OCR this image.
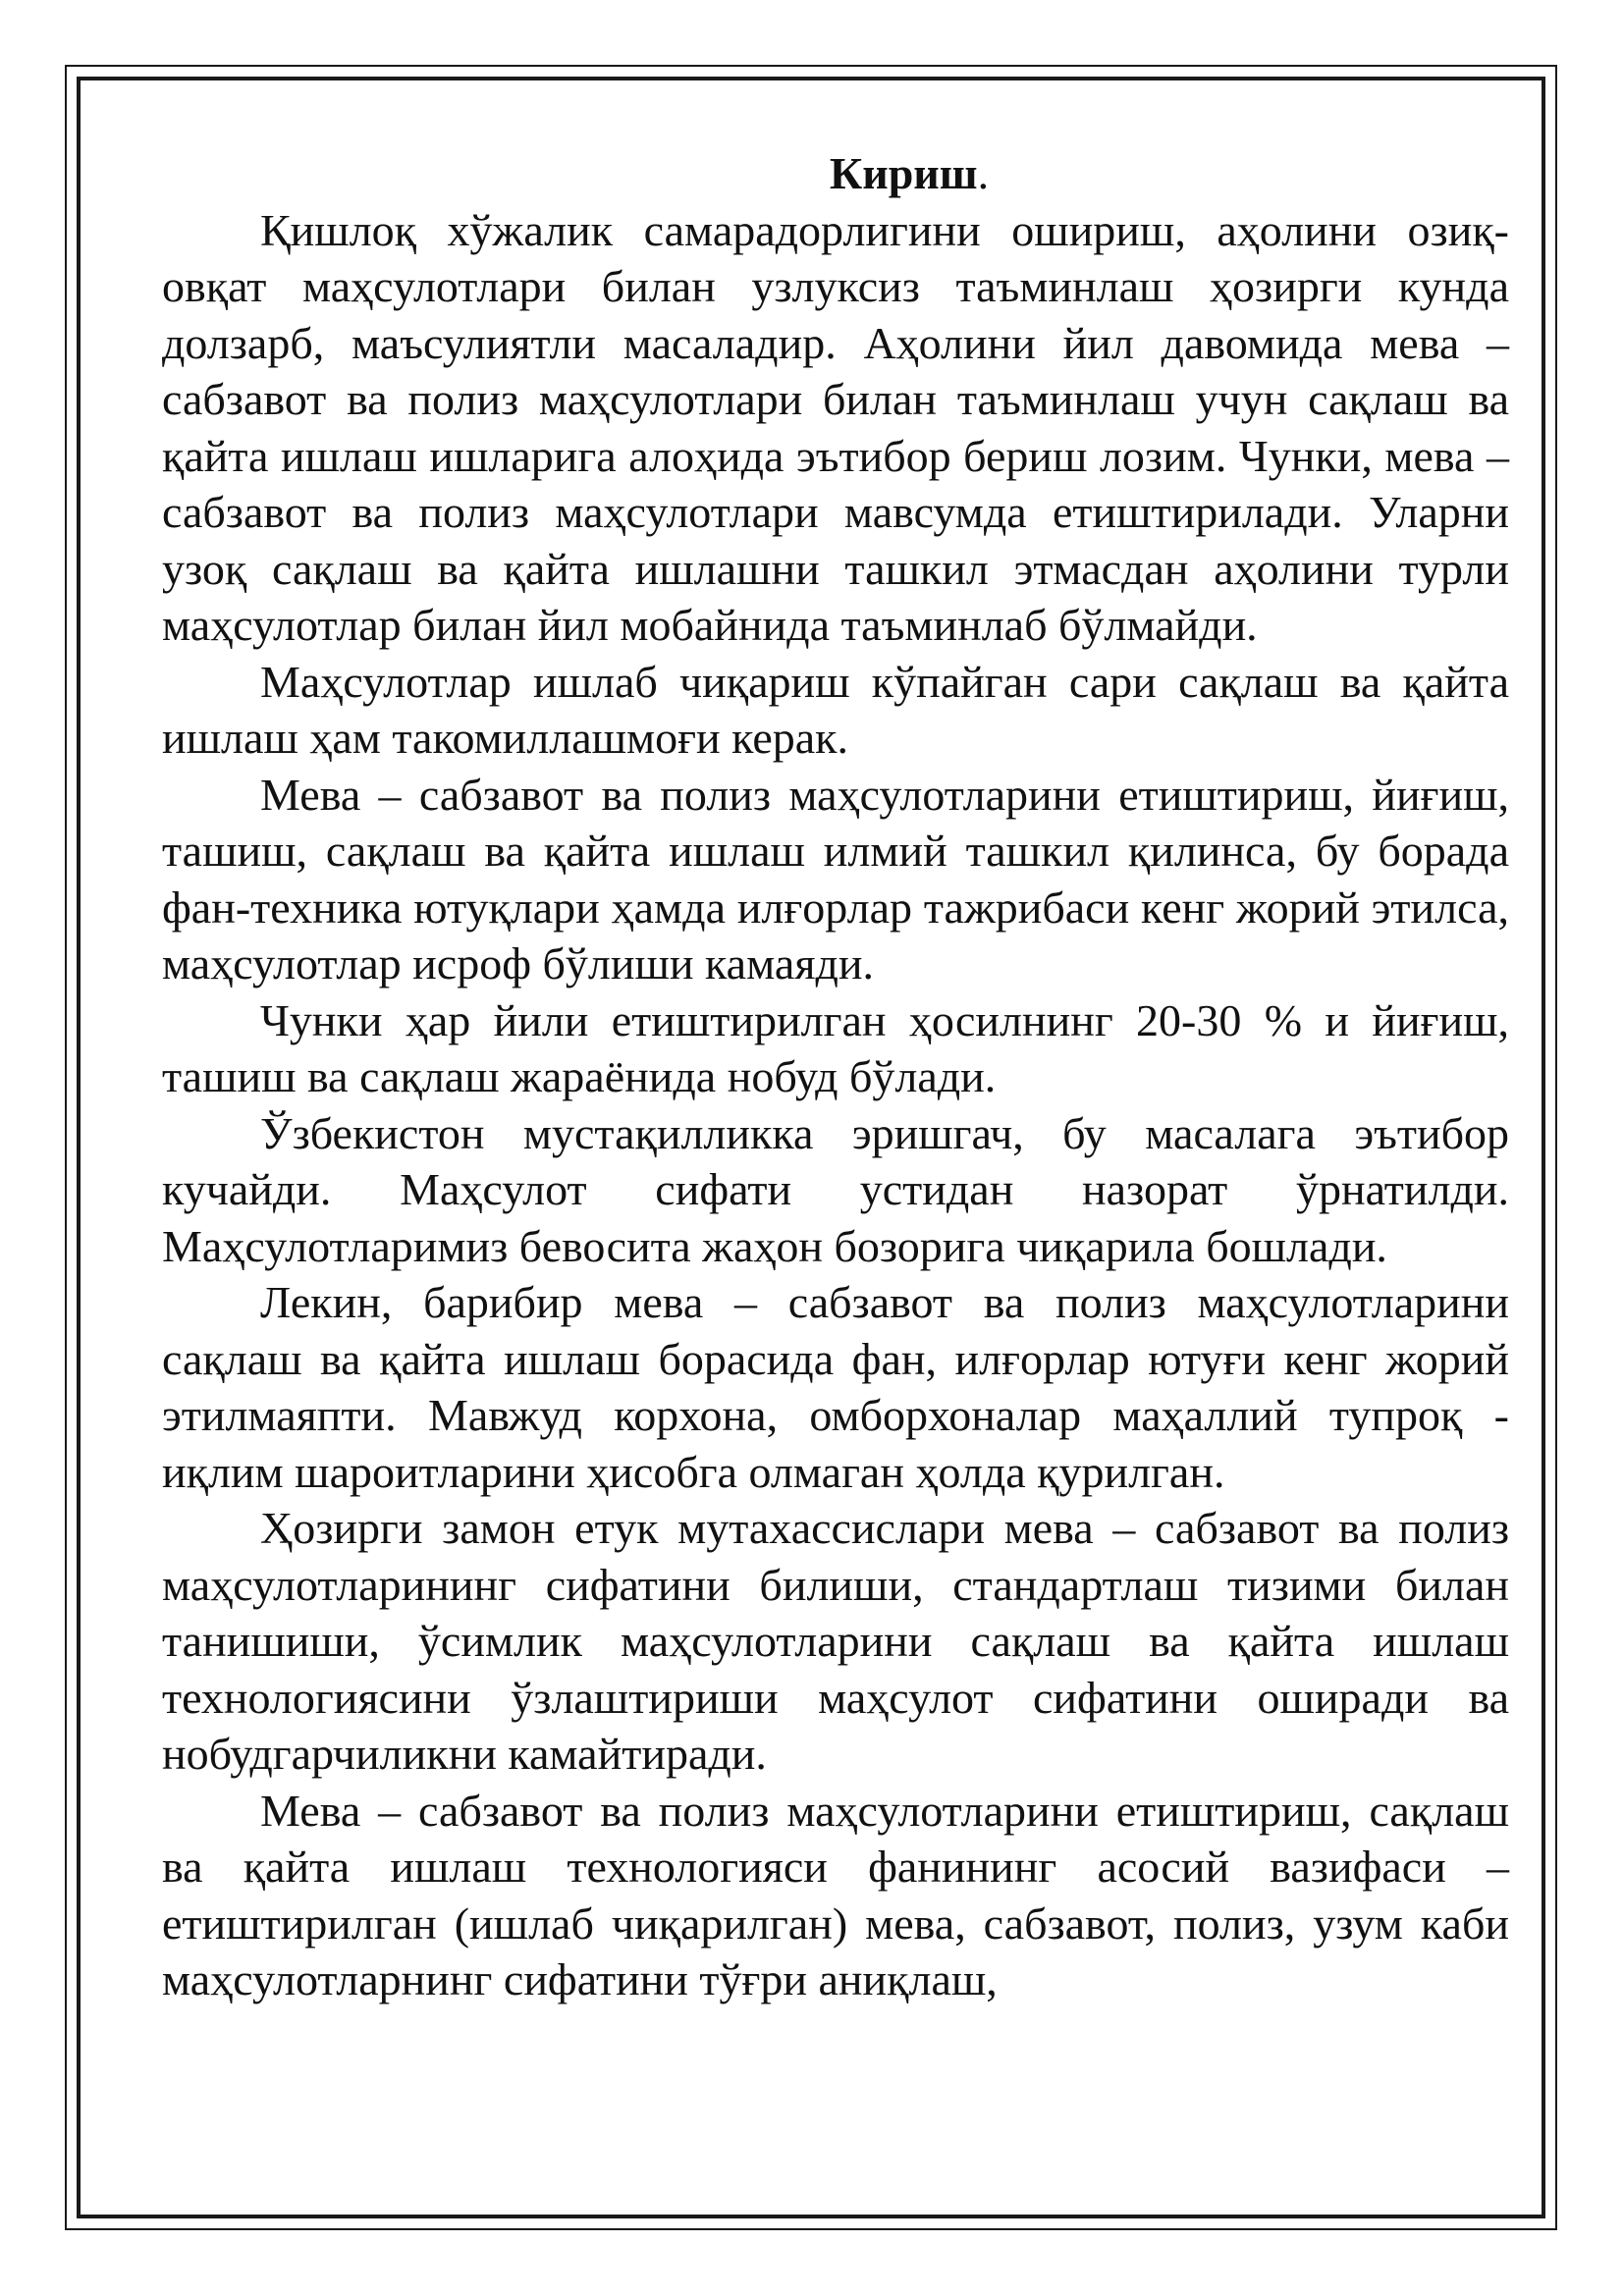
Кириш.

Қишлоқ хўжалик самарадорлигини ошириш, аҳолини озиқ-овқат маҳсулотлари билан узлуксиз таъминлаш ҳозирги кунда долзарб, маъсулиятли масаладир. Аҳолини йил давомида мева – сабзавот ва полиз маҳсулотлари билан таъминлаш учун сақлаш ва қайта ишлаш ишларига алоҳида эътибор бериш лозим. Чунки, мева – сабзавот ва полиз маҳсулотлари мавсумда етиштирилади. Уларни узоқ сақлаш ва қайта ишлашни ташкил этмасдан аҳолини турли маҳсулотлар билан йил мобайнида таъминлаб бўлмайди.

Маҳсулотлар ишлаб чиқариш кўпайган сари сақлаш ва қайта ишлаш ҳам такомиллашмоғи керак.

Мева – сабзавот ва полиз маҳсулотларини етиштириш, йиғиш, ташиш, сақлаш ва қайта ишлаш илмий ташкил қилинса, бу борада фан-техника ютуқлари ҳамда илғорлар тажрибаси кенг жорий этилса, маҳсулотлар исроф бўлиши камаяди.

Чунки ҳар йили етиштирилган ҳосилнинг 20-30 % и йиғиш, ташиш ва сақлаш жараёнида нобуд бўлади.

Ўзбекистон мустақилликка эришгач, бу масалага эътибор кучайди. Маҳсулот сифати устидан назорат ўрнатилди. Маҳсулотларимиз бевосита жаҳон бозорига чиқарила бошлади.

Лекин, барибир мева – сабзавот ва полиз маҳсулотларини сақлаш ва қайта ишлаш борасида фан, илғорлар ютуғи кенг жорий этилмаяпти. Мавжуд корхона, омборхоналар маҳаллий тупроқ - иқлим шароитларини ҳисобга олмаган ҳолда қурилган.

Ҳозирги замон етук мутахассислари мева – сабзавот ва полиз маҳсулотларининг сифатини билиши, стандартлаш тизими билан танишиши, ўсимлик маҳсулотларини сақлаш ва қайта ишлаш технологиясини ўзлаштириши маҳсулот сифатини оширади ва нобудгарчиликни камайтиради.

Мева – сабзавот ва полиз маҳсулотларини етиштириш, сақлаш ва қайта ишлаш технологияси фанининг асосий вазифаси – етиштирилган (ишлаб чиқарилган) мева, сабзавот, полиз, узум каби маҳсулотларнинг сифатини тўғри аниқлаш,
